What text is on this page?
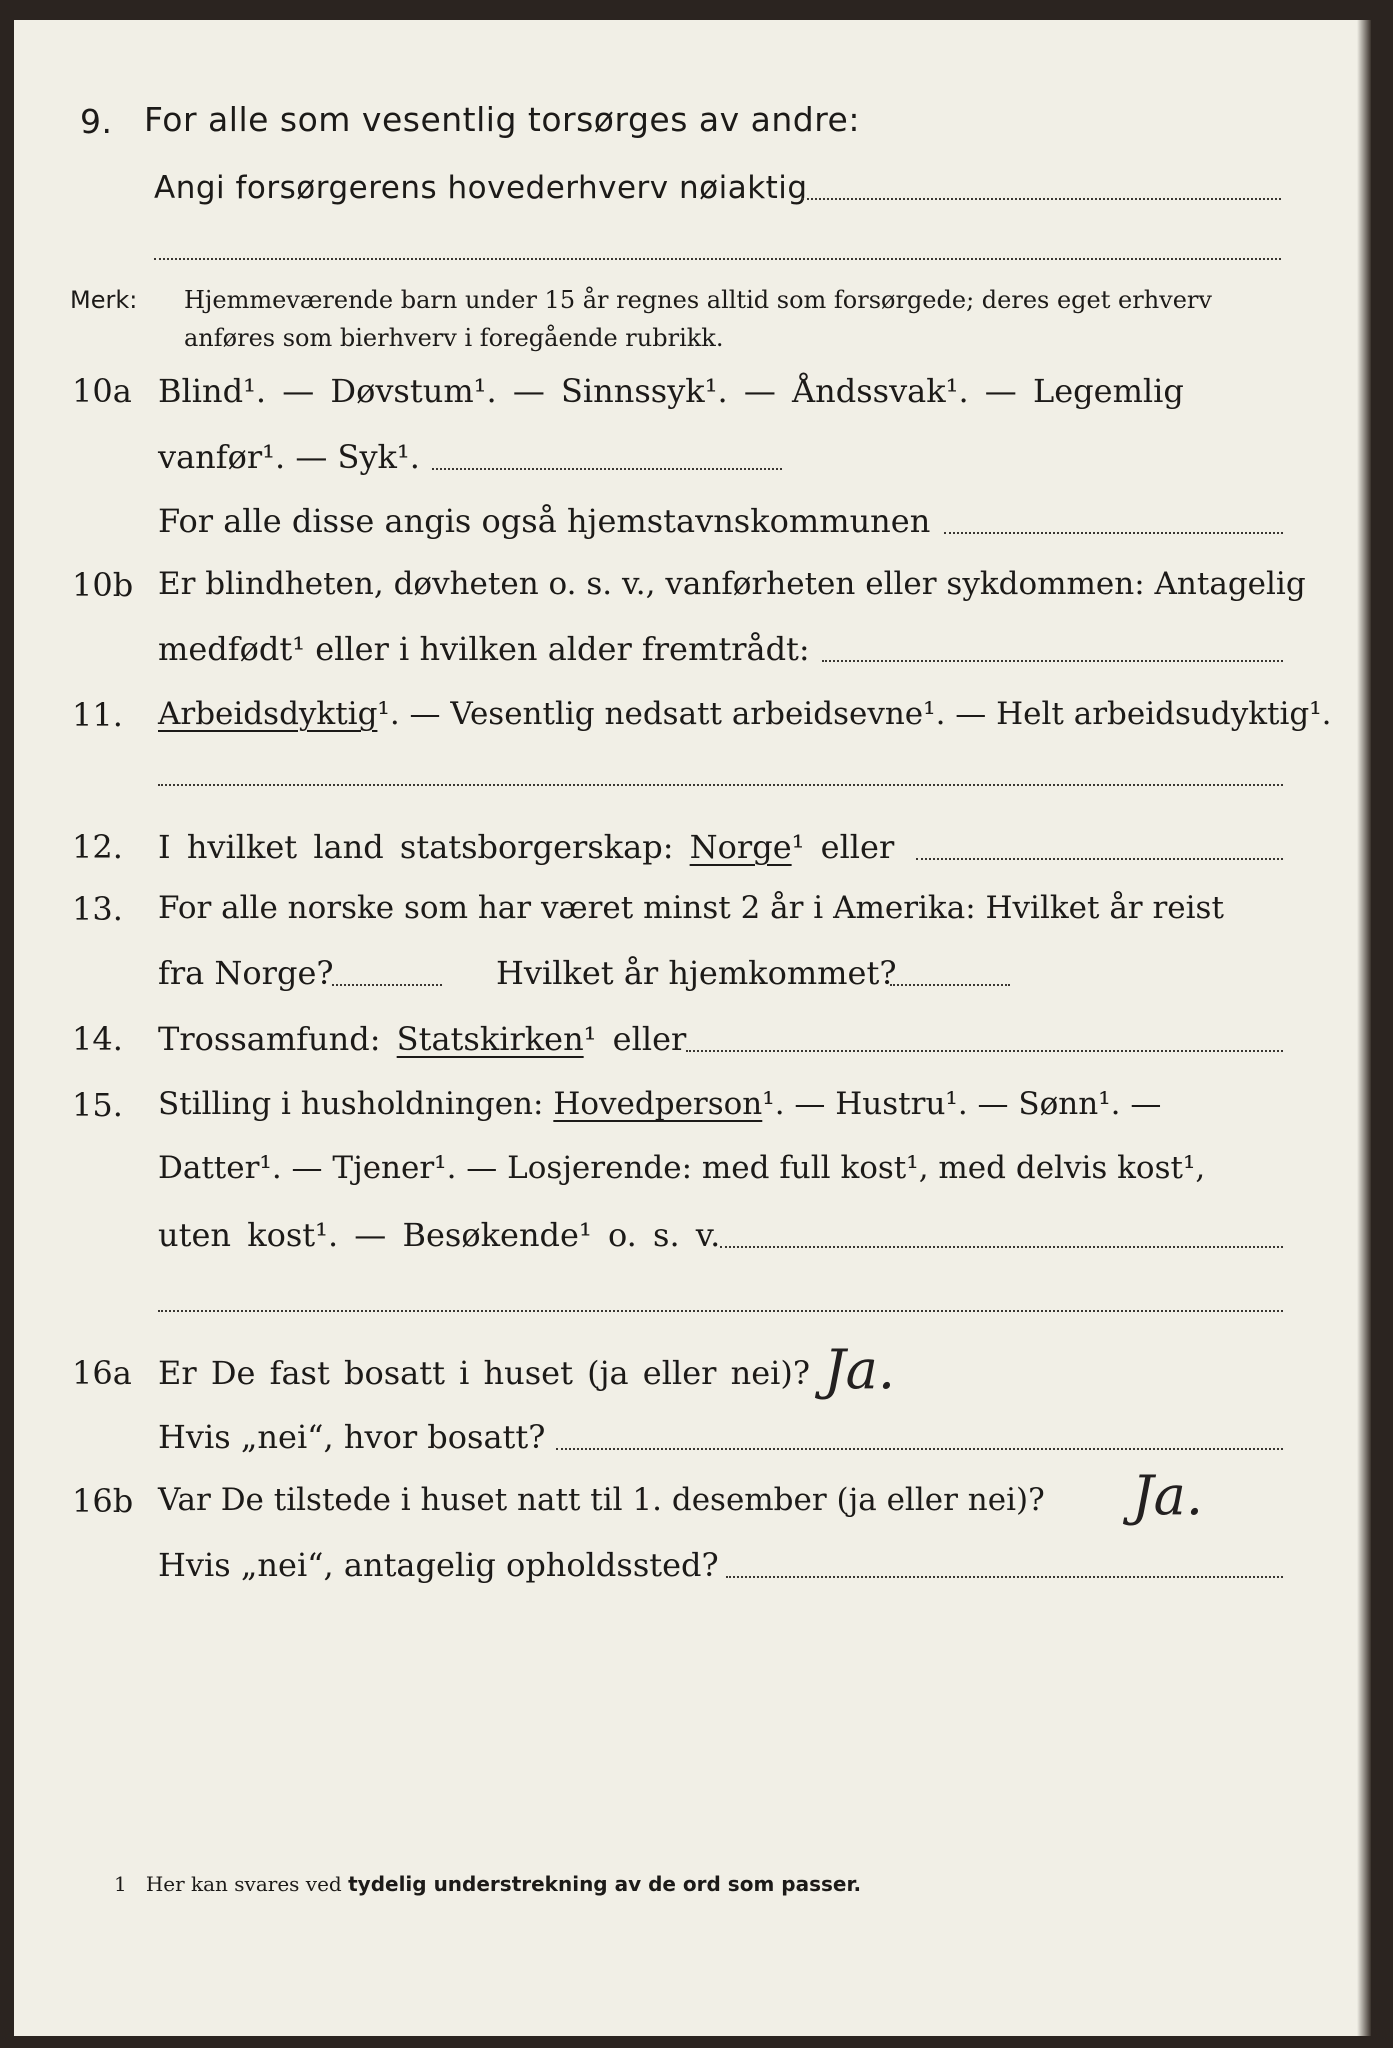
9. For alle som vesentlig torsørges av andre:
Angi forsørgerens hovederhverv nøiaktig
Merk: Hjemmeværende barn under 15 år regnes alltid som forsørgede; deres eget erhverv
anføres som bierhverv i foregående rubrikk.
10a Blind¹. — Døvstum¹. — Sinnssyk¹. — Åndssvak¹. — Legemlig
vanfør¹. — Syk¹.
For alle disse angis også hjemstavnskommunen
10b Er blindheten, døvheten o. s. v., vanførheten eller sykdommen: Antagelig
medfødt¹ eller i hvilken alder fremtrådt:
11. Arbeidsdyktig¹. — Vesentlig nedsatt arbeidsevne¹. — Helt arbeidsudyktig¹.
12. I hvilket land statsborgerskap: Norge¹ eller
13. For alle norske som har været minst 2 år i Amerika: Hvilket år reist
fra Norge?	Hvilket år hjemkommet?
14. Trossamfund: Statskirken¹ eller
15. Stilling i husholdningen: Hovedperson¹. — Hustru¹. — Sønn¹. —
Datter¹. — Tjener¹. — Losjerende: med full kost¹, med delvis kost¹,
uten kost¹. — Besøkende¹ o. s. v.
16a Er De fast bosatt i huset (ja eller nei)? Ja.
Hvis „nei“, hvor bosatt?
16b Var De tilstede i huset natt til 1. desember (ja eller nei)? Ja.
Hvis „nei“, antagelig opholdssted?
1 Her kan svares ved tydelig understrekning av de ord som passer.
